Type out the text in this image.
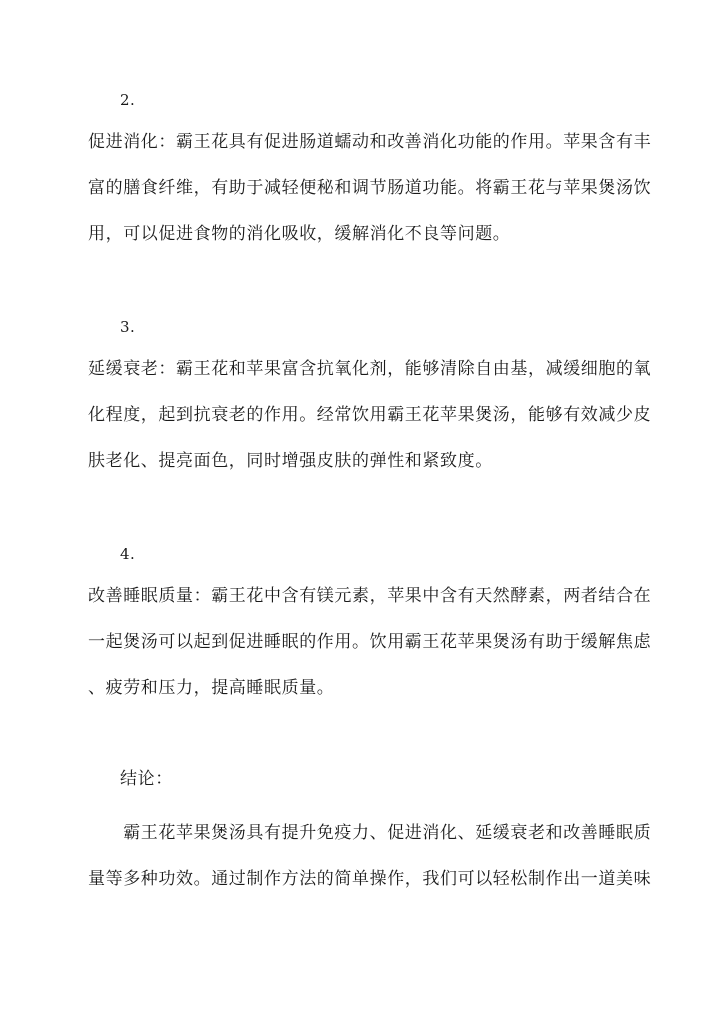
2.
促进消化：霸王花具有促进肠道蠕动和改善消化功能的作用。苹果含有丰
富的膳食纤维，有助于减轻便秘和调节肠道功能。将霸王花与苹果煲汤饮
用，可以促进食物的消化吸收，缓解消化不良等问题。
3.
延缓衰老：霸王花和苹果富含抗氧化剂，能够清除自由基，减缓细胞的氧
化程度，起到抗衰老的作用。经常饮用霸王花苹果煲汤，能够有效减少皮
肤老化、提亮面色，同时增强皮肤的弹性和紧致度。
4.
改善睡眠质量：霸王花中含有镁元素，苹果中含有天然酵素，两者结合在
一起煲汤可以起到促进睡眠的作用。饮用霸王花苹果煲汤有助于缓解焦虑
、疲劳和压力，提高睡眠质量。
结论：
　　霸王花苹果煲汤具有提升免疫力、促进消化、延缓衰老和改善睡眠质
量等多种功效。通过制作方法的简单操作，我们可以轻松制作出一道美味
